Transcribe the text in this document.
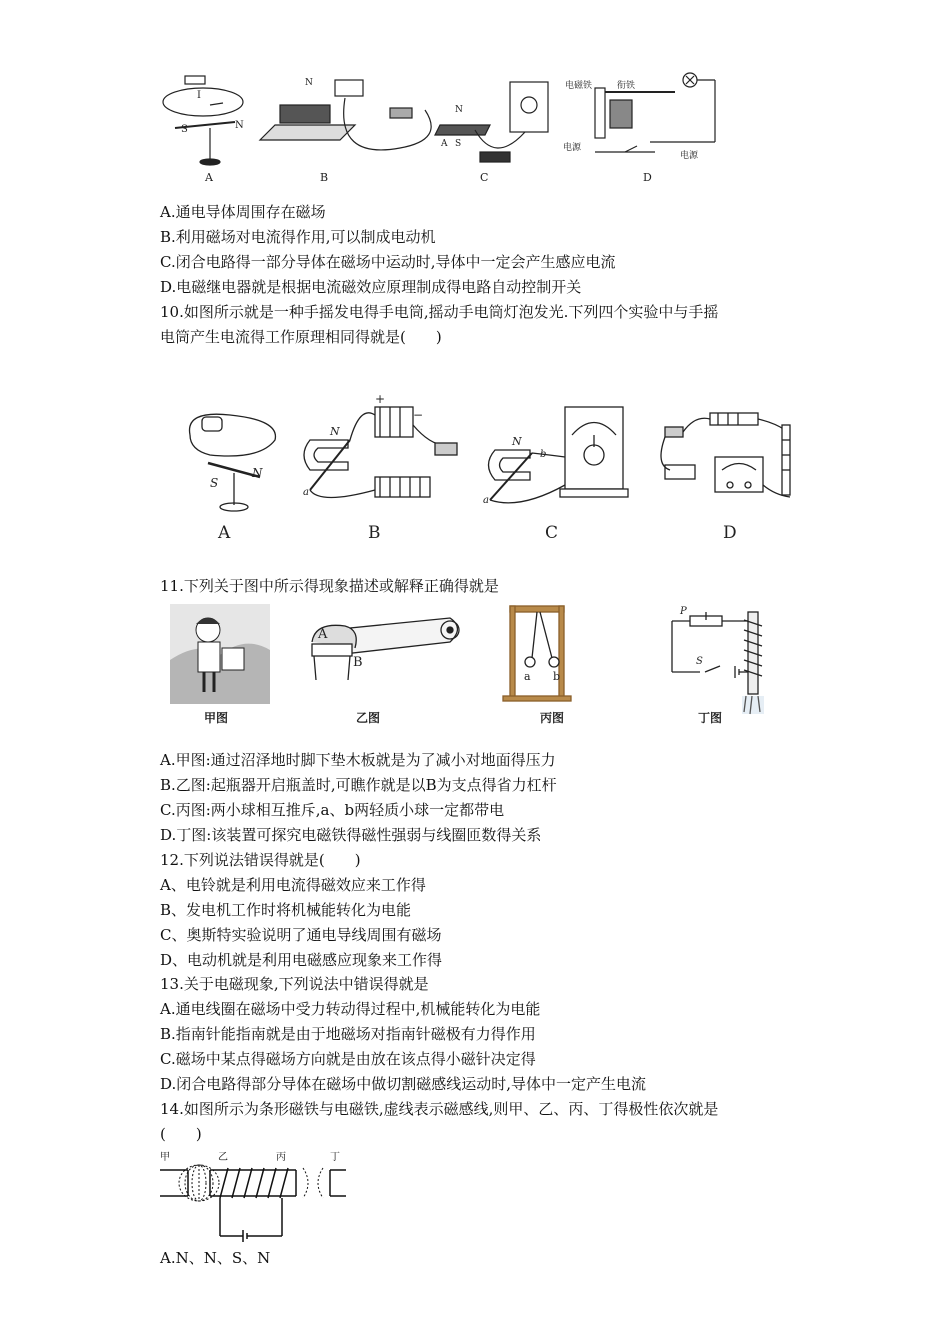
S	N
I
N
N
A S
电磁铁	衔铁
电源
电源
A	B	C	D
A.通电导体周围存在磁场
B.利用磁场对电流得作用,可以制成电动机
C.闭合电路得一部分导体在磁场中运动时,导体中一定会产生感应电流
D.电磁继电器就是根据电流磁效应原理制成得电路自动控制开关
10.如图所示就是一种手摇发电得手电筒,摇动手电筒灯泡发光.下列四个实验中与手摇
电筒产生电流得工作原理相同得就是(　　)
S
N
N
a
+
−
N
b
a
A	B	C	D
11.下列关于图中所示得现象描述或解释正确得就是
A
B
a b
P
S
甲图	乙图	丙图	丁图
A.甲图:通过沼泽地时脚下垫木板就是为了减小对地面得压力
B.乙图:起瓶器开启瓶盖时,可瞧作就是以B为支点得省力杠杆
C.丙图:两小球相互推斥,a、b两轻质小球一定都带电
D.丁图:该装置可探究电磁铁得磁性强弱与线圈匝数得关系
12.下列说法错误得就是(　　)
A、电铃就是利用电流得磁效应来工作得
B、发电机工作时将机械能转化为电能
C、奥斯特实验说明了通电导线周围有磁场
D、电动机就是利用电磁感应现象来工作得
13.关于电磁现象,下列说法中错误得就是
A.通电线圈在磁场中受力转动得过程中,机械能转化为电能
B.指南针能指南就是由于地磁场对指南针磁极有力得作用
C.磁场中某点得磁场方向就是由放在该点得小磁针决定得
D.闭合电路得部分导体在磁场中做切割磁感线运动时,导体中一定产生电流
14.如图所示为条形磁铁与电磁铁,虚线表示磁感线,则甲、乙、丙、丁得极性依次就是
(　　)
甲	乙	丙	丁
A.N、N、S、N
